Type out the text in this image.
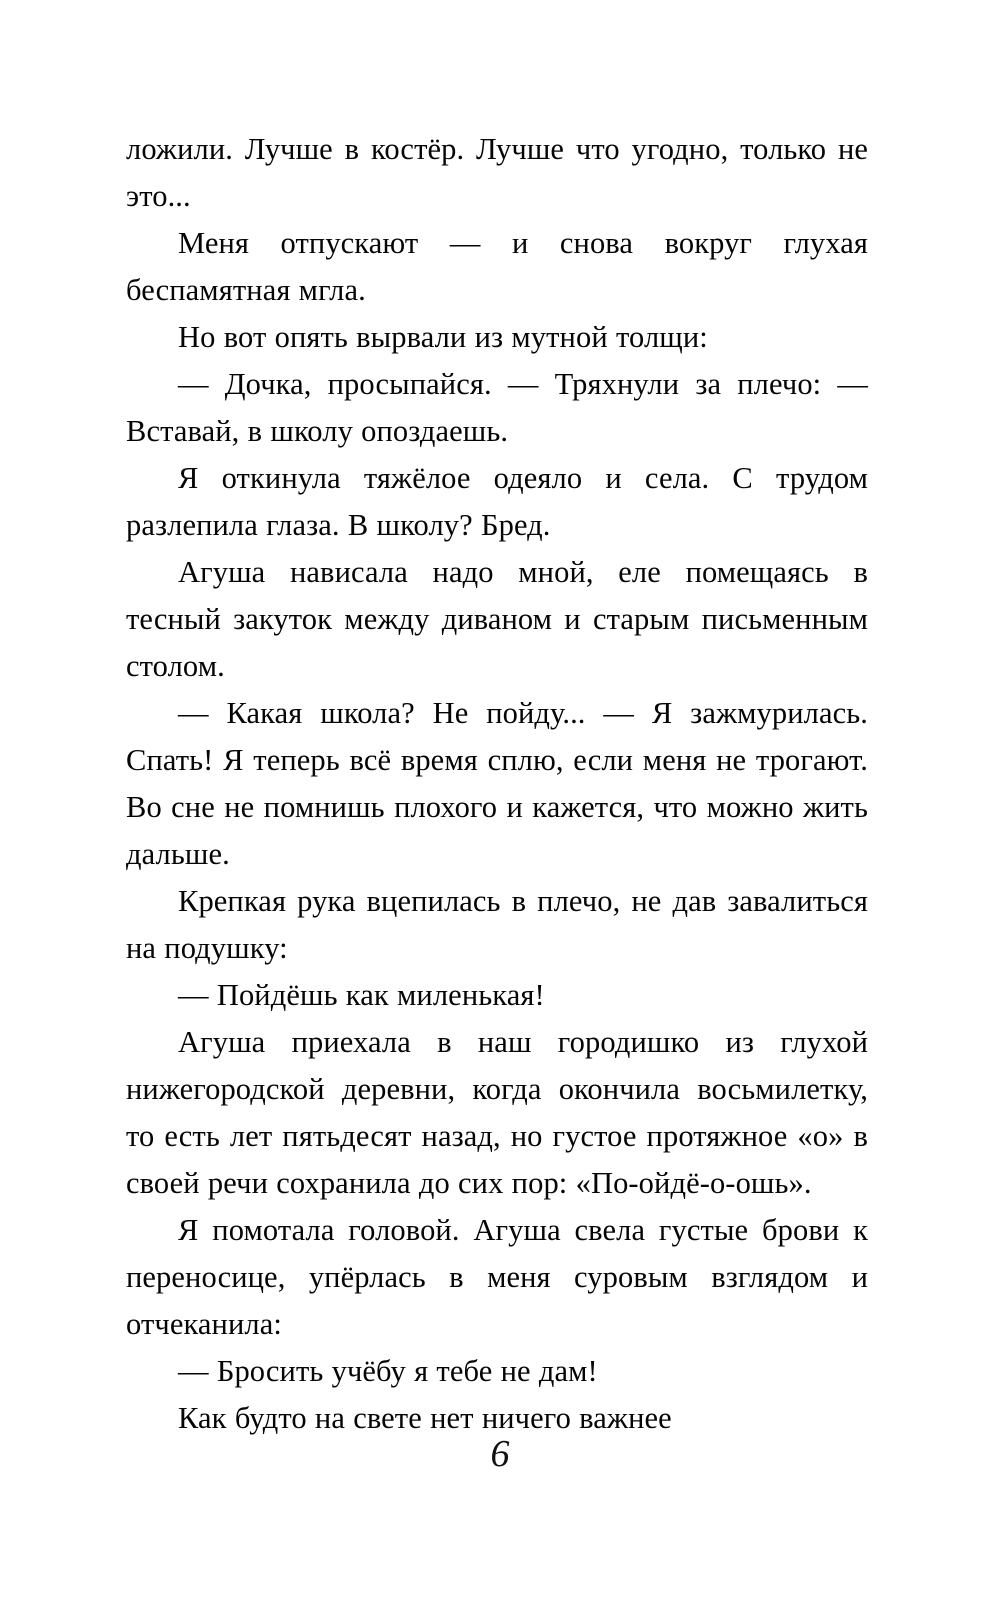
ложили. Лучше в костёр. Лучше что угодно, только не это...

Меня отпускают — и снова вокруг глухая беспамятная мгла.

Но вот опять вырвали из мутной толщи:

— Дочка, просыпайся. — Тряхнули за плечо: — Вставай, в школу опоздаешь.

Я откинула тяжёлое одеяло и села. С трудом разлепила глаза. В школу? Бред.

Агуша нависала надо мной, еле помещаясь в тесный закуток между диваном и старым письменным столом.

— Какая школа? Не пойду... — Я зажмурилась. Спать! Я теперь всё время сплю, если меня не трогают. Во сне не помнишь плохого и кажется, что можно жить дальше.

Крепкая рука вцепилась в плечо, не дав завалиться на подушку:

— Пойдёшь как миленькая!

Агуша приехала в наш городишко из глухой нижегородской деревни, когда окончила восьмилетку, то есть лет пятьдесят назад, но густое протяжное «о» в своей речи сохранила до сих пор: «По-ойдё-о-ошь».

Я помотала головой. Агуша свела густые брови к переносице, упёрлась в меня суровым взглядом и отчеканила:

— Бросить учёбу я тебе не дам!

Как будто на свете нет ничего важнее

6
